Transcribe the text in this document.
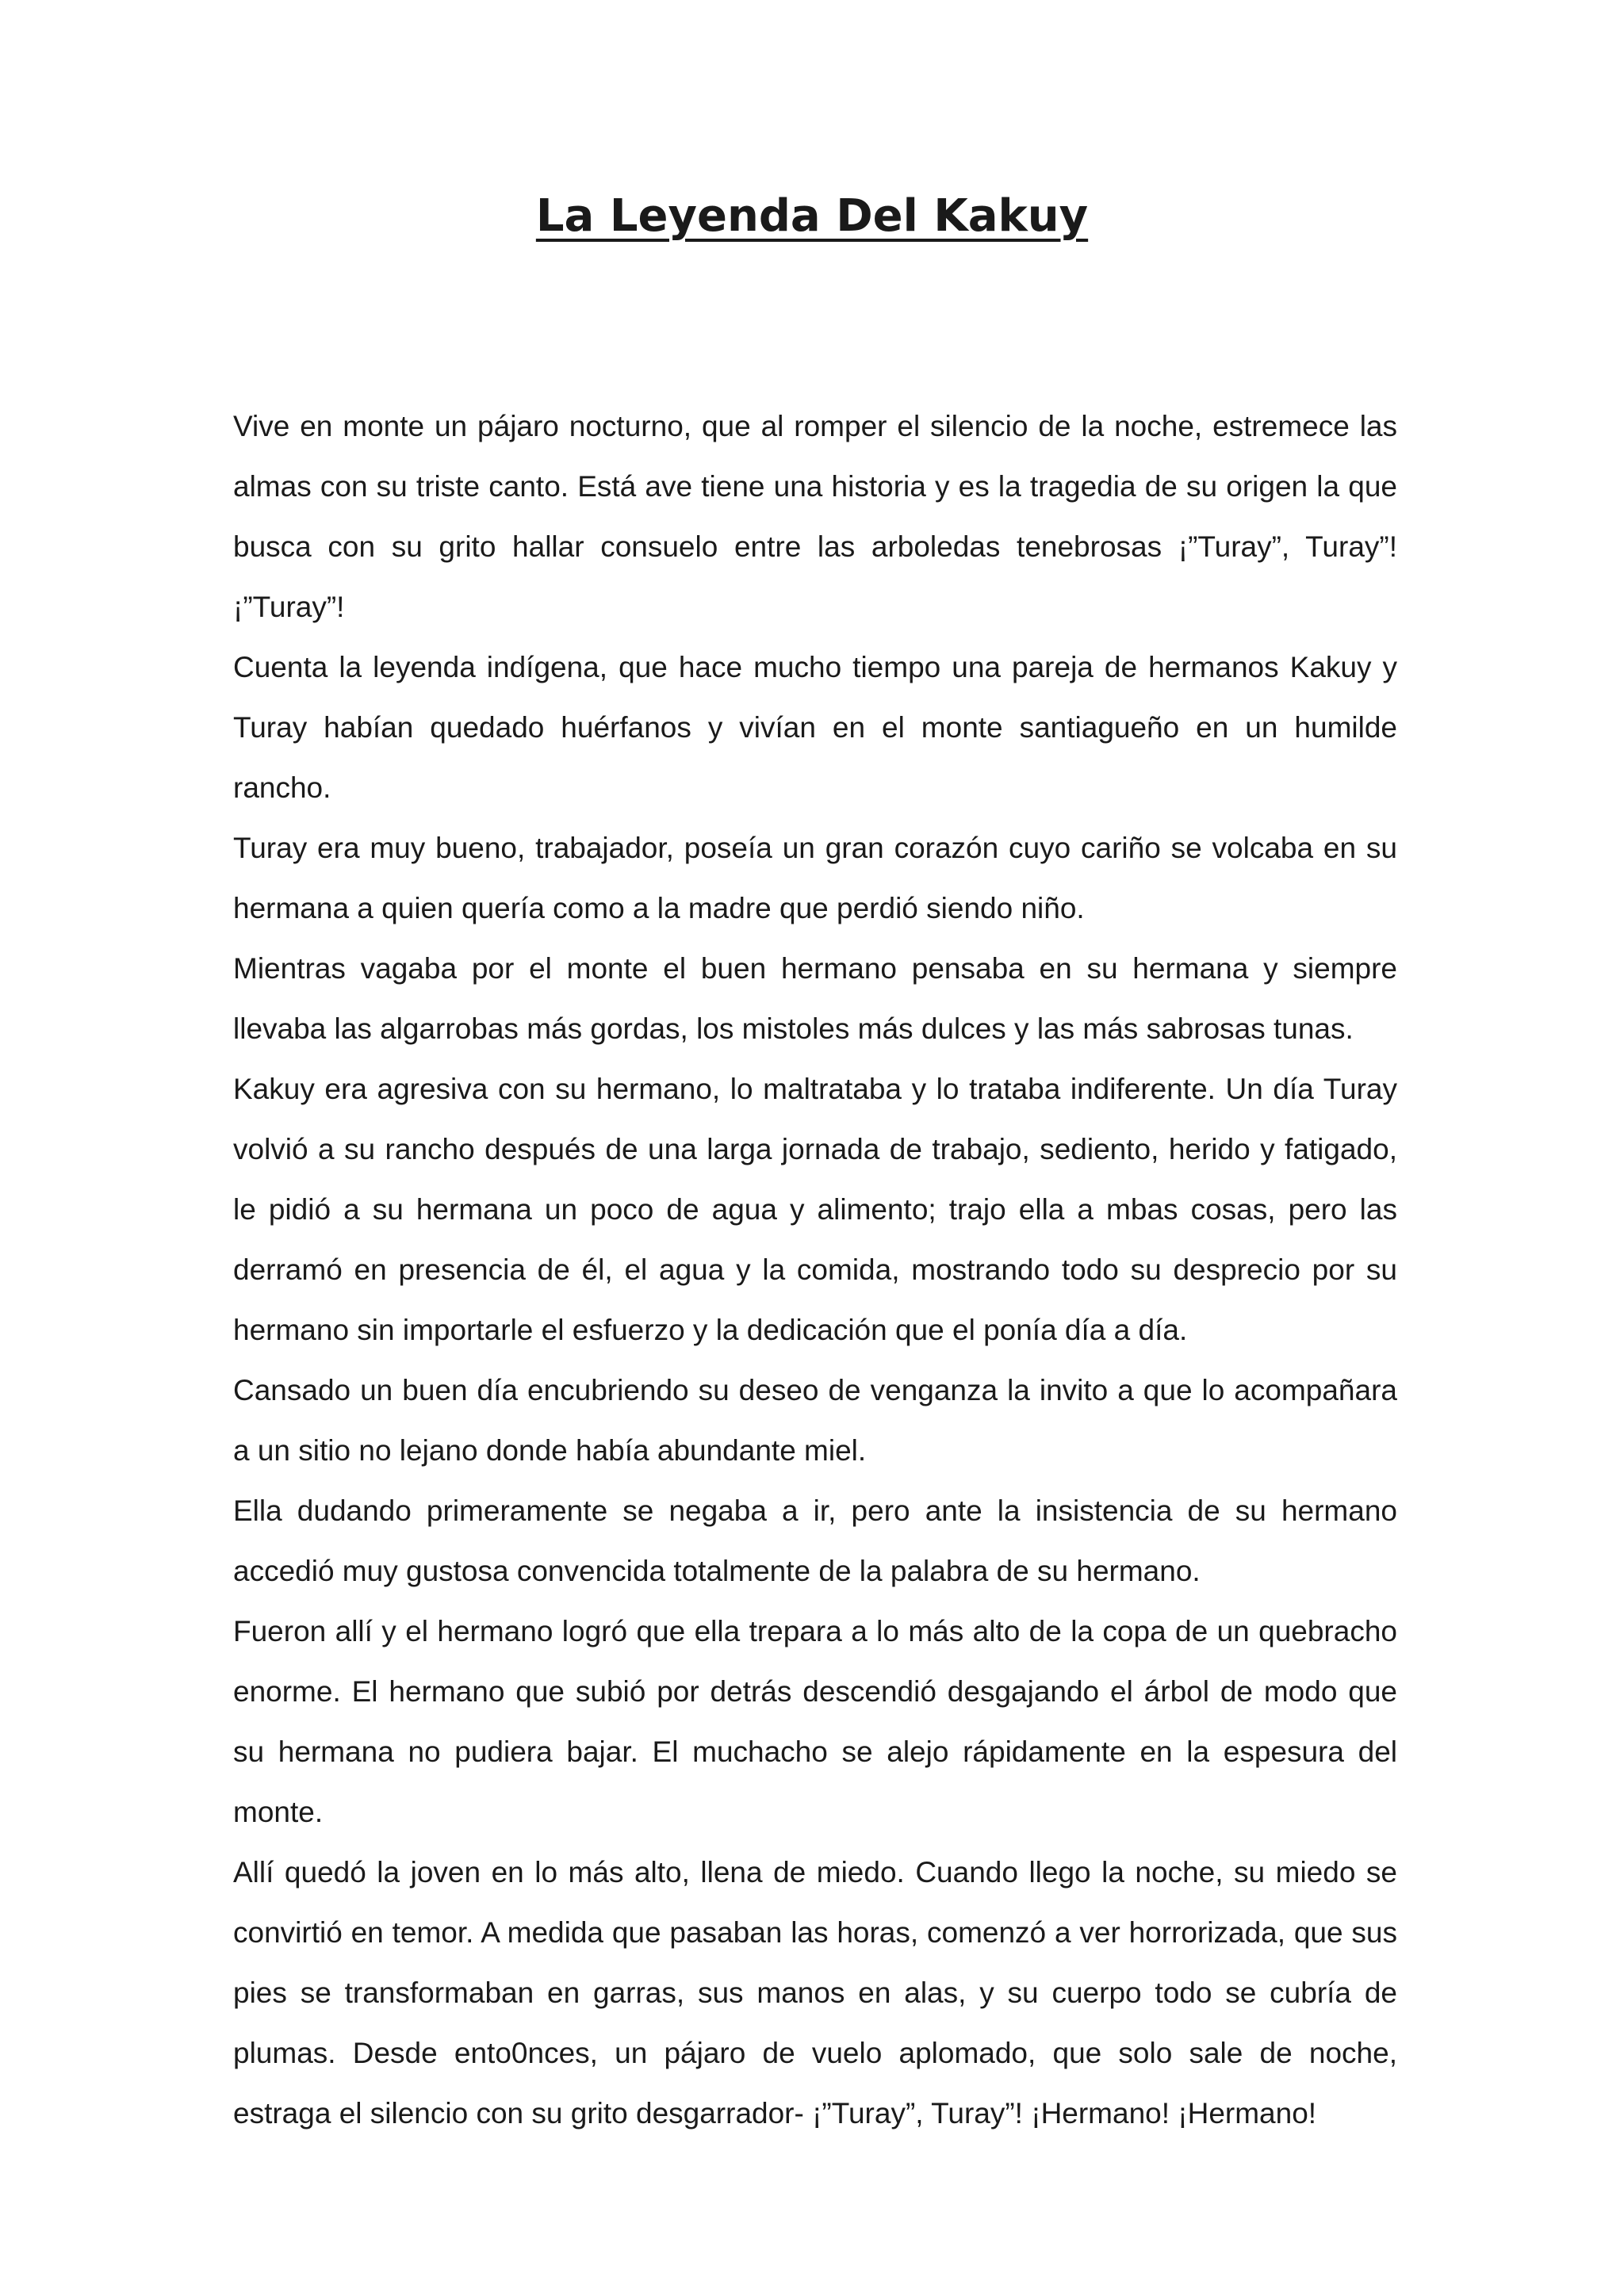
La Leyenda Del Kakuy

Vive en monte un pájaro nocturno, que al romper el silencio de la noche, estremece las almas con su triste canto. Está ave tiene una historia y es la tragedia de su origen la que busca con su grito hallar consuelo entre las arboledas tenebrosas ¡”Turay”, Turay”! ¡”Turay”!

Cuenta la leyenda indígena, que hace mucho tiempo una pareja de hermanos Kakuy y Turay habían quedado huérfanos y vivían en el monte santiagueño en un humilde rancho.

Turay era muy bueno, trabajador, poseía un gran corazón cuyo cariño se volcaba en su hermana a quien quería como a la madre que perdió siendo niño.

Mientras vagaba por el monte el buen hermano pensaba en su hermana y siempre llevaba las algarrobas más gordas, los mistoles más dulces y las más sabrosas tunas.

Kakuy era agresiva con su hermano, lo maltrataba y lo trataba indiferente. Un día Turay volvió a su rancho después de una larga jornada de trabajo, sediento, herido y fatigado, le pidió a su hermana un poco de agua y alimento; trajo ella a mbas cosas, pero las derramó en presencia de él, el agua y la comida, mostrando todo su desprecio por su hermano sin importarle el esfuerzo y la dedicación que el ponía día a día.

Cansado un buen día encubriendo su deseo de venganza la invito a que lo acompañara a un sitio no lejano donde había abundante miel.

Ella dudando primeramente se negaba a ir, pero ante la insistencia de su hermano accedió muy gustosa convencida totalmente de la palabra de su hermano.

Fueron allí y el hermano logró que ella trepara a lo más alto de la copa de un quebracho enorme. El hermano que subió por detrás descendió desgajando el árbol de modo que su hermana no pudiera bajar. El muchacho se alejo rápidamente en la espesura del monte.

Allí quedó la joven en lo más alto, llena de miedo. Cuando llego la noche, su miedo se convirtió en temor. A medida que pasaban las horas, comenzó a ver horrorizada, que sus pies se transformaban en garras, sus manos en alas, y su cuerpo todo se cubría de plumas. Desde ento0nces, un pájaro de vuelo aplomado, que solo sale de noche, estraga el silencio con su grito desgarrador- ¡”Turay”, Turay”! ¡Hermano! ¡Hermano!
